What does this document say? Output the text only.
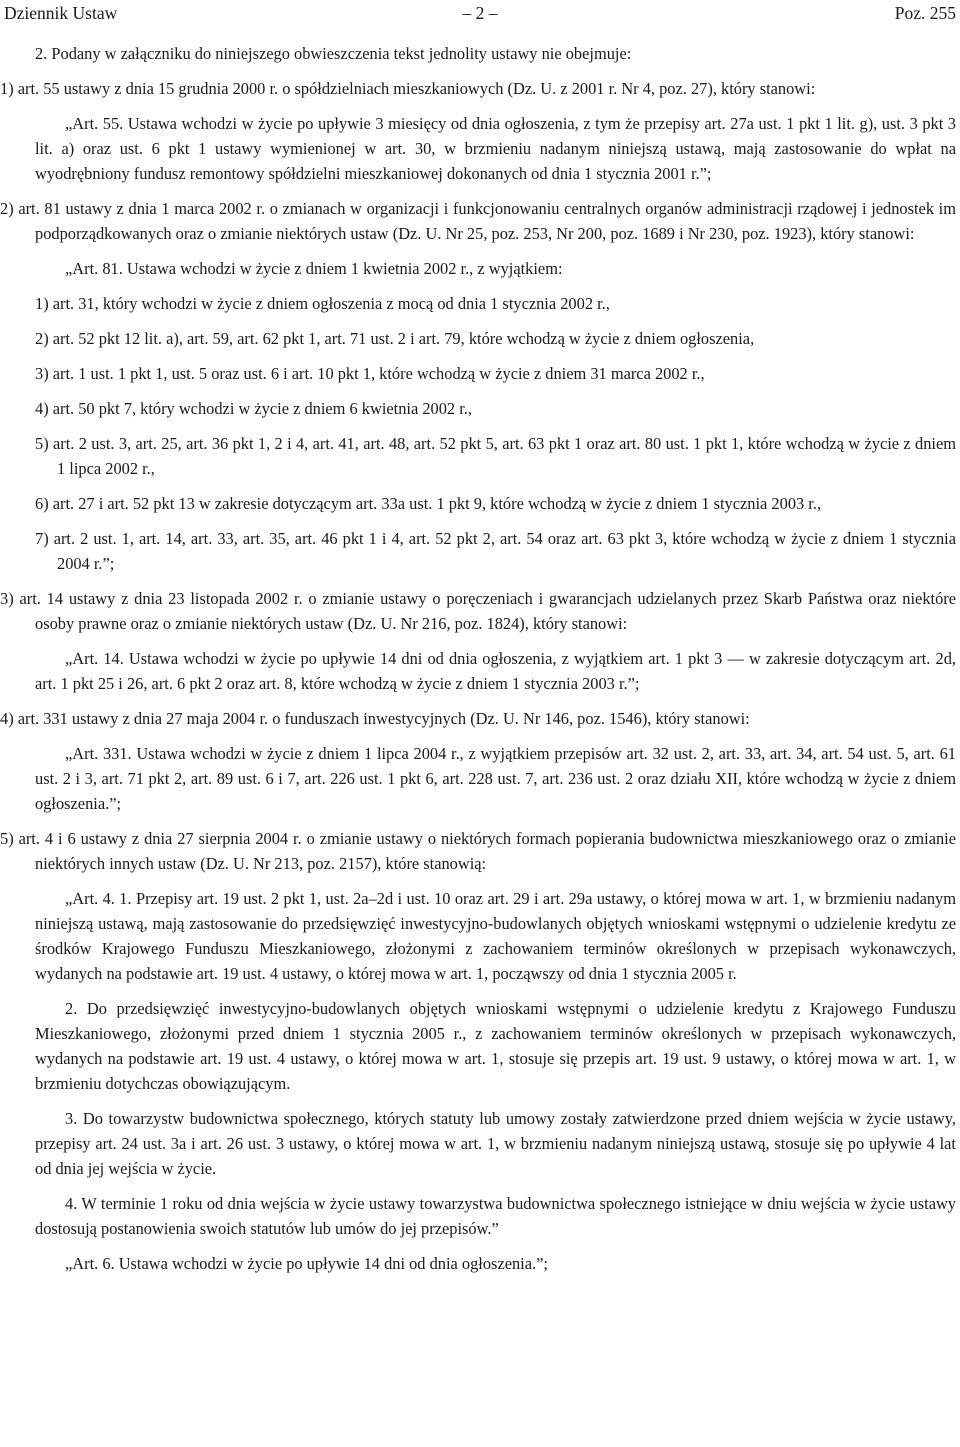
Dziennik Ustaw	– 2 –	Poz. 255

2. Podany w załączniku do niniejszego obwieszczenia tekst jednolity ustawy nie obejmuje:

1) art. 55 ustawy z dnia 15 grudnia 2000 r. o spółdzielniach mieszkaniowych (Dz. U. z 2001 r. Nr 4, poz. 27), który stanowi:

„Art. 55. Ustawa wchodzi w życie po upływie 3 miesięcy od dnia ogłoszenia, z tym że przepisy art. 27a ust. 1 pkt 1 lit. g), ust. 3 pkt 3 lit. a) oraz ust. 6 pkt 1 ustawy wymienionej w art. 30, w brzmieniu nadanym niniejszą ustawą, mają zastosowanie do wpłat na wyodrębniony fundusz remontowy spółdzielni mieszkaniowej dokonanych od dnia 1 stycznia 2001 r.”;

2) art. 81 ustawy z dnia 1 marca 2002 r. o zmianach w organizacji i funkcjonowaniu centralnych organów administracji rządowej i jednostek im podporządkowanych oraz o zmianie niektórych ustaw (Dz. U. Nr 25, poz. 253, Nr 200, poz. 1689 i Nr 230, poz. 1923), który stanowi:

„Art. 81. Ustawa wchodzi w życie z dniem 1 kwietnia 2002 r., z wyjątkiem:

1) art. 31, który wchodzi w życie z dniem ogłoszenia z mocą od dnia 1 stycznia 2002 r.,

2) art. 52 pkt 12 lit. a), art. 59, art. 62 pkt 1, art. 71 ust. 2 i art. 79, które wchodzą w życie z dniem ogłoszenia,

3) art. 1 ust. 1 pkt 1, ust. 5 oraz ust. 6 i art. 10 pkt 1, które wchodzą w życie z dniem 31 marca 2002 r.,

4) art. 50 pkt 7, który wchodzi w życie z dniem 6 kwietnia 2002 r.,

5) art. 2 ust. 3, art. 25, art. 36 pkt 1, 2 i 4, art. 41, art. 48, art. 52 pkt 5, art. 63 pkt 1 oraz art. 80 ust. 1 pkt 1, które wchodzą w życie z dniem 1 lipca 2002 r.,

6) art. 27 i art. 52 pkt 13 w zakresie dotyczącym art. 33a ust. 1 pkt 9, które wchodzą w życie z dniem 1 stycznia 2003 r.,

7) art. 2 ust. 1, art. 14, art. 33, art. 35, art. 46 pkt 1 i 4, art. 52 pkt 2, art. 54 oraz art. 63 pkt 3, które wchodzą w życie z dniem 1 stycznia 2004 r.”;

3) art. 14 ustawy z dnia 23 listopada 2002 r. o zmianie ustawy o poręczeniach i gwarancjach udzielanych przez Skarb Państwa oraz niektóre osoby prawne oraz o zmianie niektórych ustaw (Dz. U. Nr 216, poz. 1824), który stanowi:

„Art. 14. Ustawa wchodzi w życie po upływie 14 dni od dnia ogłoszenia, z wyjątkiem art. 1 pkt 3 — w zakresie dotyczącym art. 2d, art. 1 pkt 25 i 26, art. 6 pkt 2 oraz art. 8, które wchodzą w życie z dniem 1 stycznia 2003 r.”;

4) art. 331 ustawy z dnia 27 maja 2004 r. o funduszach inwestycyjnych (Dz. U. Nr 146, poz. 1546), który stanowi:

„Art. 331. Ustawa wchodzi w życie z dniem 1 lipca 2004 r., z wyjątkiem przepisów art. 32 ust. 2, art. 33, art. 34, art. 54 ust. 5, art. 61 ust. 2 i 3, art. 71 pkt 2, art. 89 ust. 6 i 7, art. 226 ust. 1 pkt 6, art. 228 ust. 7, art. 236 ust. 2 oraz działu XII, które wchodzą w życie z dniem ogłoszenia.”;

5) art. 4 i 6 ustawy z dnia 27 sierpnia 2004 r. o zmianie ustawy o niektórych formach popierania budownictwa mieszkaniowego oraz o zmianie niektórych innych ustaw (Dz. U. Nr 213, poz. 2157), które stanowią:

„Art. 4. 1. Przepisy art. 19 ust. 2 pkt 1, ust. 2a–2d i ust. 10 oraz art. 29 i art. 29a ustawy, o której mowa w art. 1, w brzmieniu nadanym niniejszą ustawą, mają zastosowanie do przedsięwzięć inwestycyjno-budowlanych objętych wnioskami wstępnymi o udzielenie kredytu ze środków Krajowego Funduszu Mieszkaniowego, złożonymi z zachowaniem terminów określonych w przepisach wykonawczych, wydanych na podstawie art. 19 ust. 4 ustawy, o której mowa w art. 1, począwszy od dnia 1 stycznia 2005 r.

2. Do przedsięwzięć inwestycyjno-budowlanych objętych wnioskami wstępnymi o udzielenie kredytu z Krajowego Funduszu Mieszkaniowego, złożonymi przed dniem 1 stycznia 2005 r., z zachowaniem terminów określonych w przepisach wykonawczych, wydanych na podstawie art. 19 ust. 4 ustawy, o której mowa w art. 1, stosuje się przepis art. 19 ust. 9 ustawy, o której mowa w art. 1, w brzmieniu dotychczas obowiązującym.

3. Do towarzystw budownictwa społecznego, których statuty lub umowy zostały zatwierdzone przed dniem wejścia w życie ustawy, przepisy art. 24 ust. 3a i art. 26 ust. 3 ustawy, o której mowa w art. 1, w brzmieniu nadanym niniejszą ustawą, stosuje się po upływie 4 lat od dnia jej wejścia w życie.

4. W terminie 1 roku od dnia wejścia w życie ustawy towarzystwa budownictwa społecznego istniejące w dniu wejścia w życie ustawy dostosują postanowienia swoich statutów lub umów do jej przepisów.”

„Art. 6. Ustawa wchodzi w życie po upływie 14 dni od dnia ogłoszenia.”;
